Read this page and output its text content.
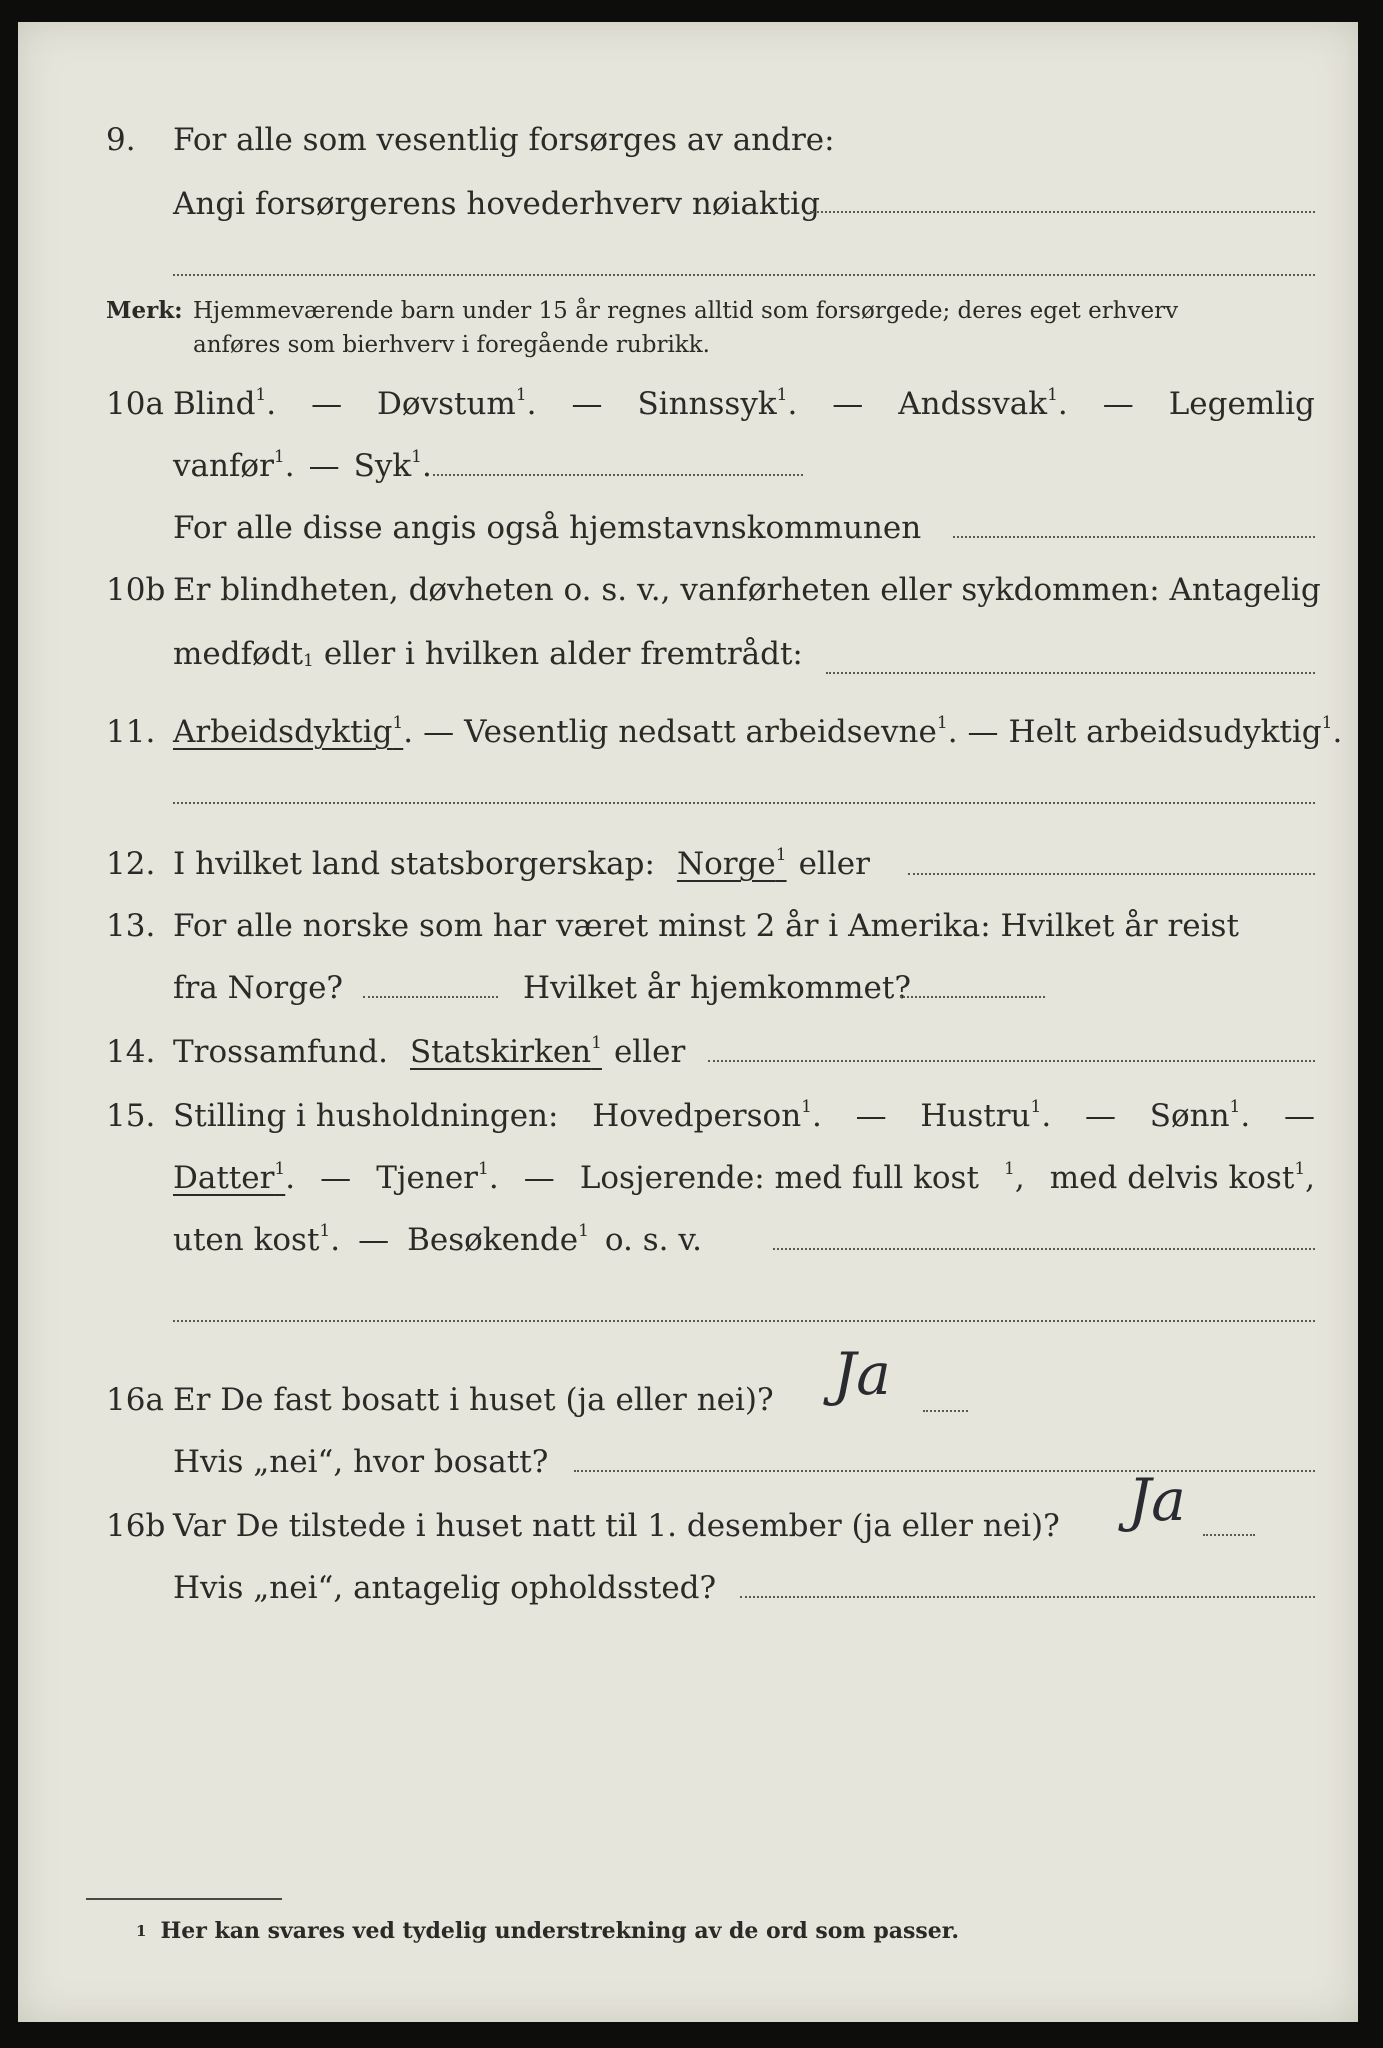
9. For alle som vesentlig forsørges av andre:
Angi forsørgerens hovederhverv nøiaktig
Merk: Hjemmeværende barn under 15 år regnes alltid som forsørgede; deres eget erhverv
anføres som bierhverv i foregående rubrikk.
10a Blind$^1$. — Døvstum$^1$. — Sinnssyk$^1$. — Andssvak$^1$. — Legemlig
vanfør$^1$. — Syk$^1$.
For alle disse angis også hjemstavnskommunen
10b Er blindheten, døvheten o. s. v., vanførheten eller sykdommen: Antagelig
medfødt$^1$ eller i hvilken alder fremtrådt:
11. Arbeidsdyktig$^1$ . — Vesentlig nedsatt arbeidsevne$^1$. — Helt arbeidsudyktig$^1$.
12. I hvilket land statsborgerskap: Norge$^1$ eller
13. For alle norske som har været minst 2 år i Amerika: Hvilket år reist
fra Norge?	Hvilket år hjemkommet?
14. Trossamfund. Statskirken$^1$ eller
15. Stilling i husholdningen: Hovedperson$^1$. — Hustru$^1$. — Sønn$^1$. —
Datter$^1$. — Tjener$^1$. — Losjerende: med full kost $^1$, med delvis kost$^1$,
uten kost$^1$. — Besøkende$^1$ o. s. v.
16a Er De fast bosatt i huset (ja eller nei)? Ja
Hvis „nei“, hvor bosatt?
16b Var De tilstede i huset natt til 1. desember (ja eller nei)? Ja
Hvis „nei“, antagelig opholdssted?
1 Her kan svares ved tydelig understrekning av de ord som passer.
